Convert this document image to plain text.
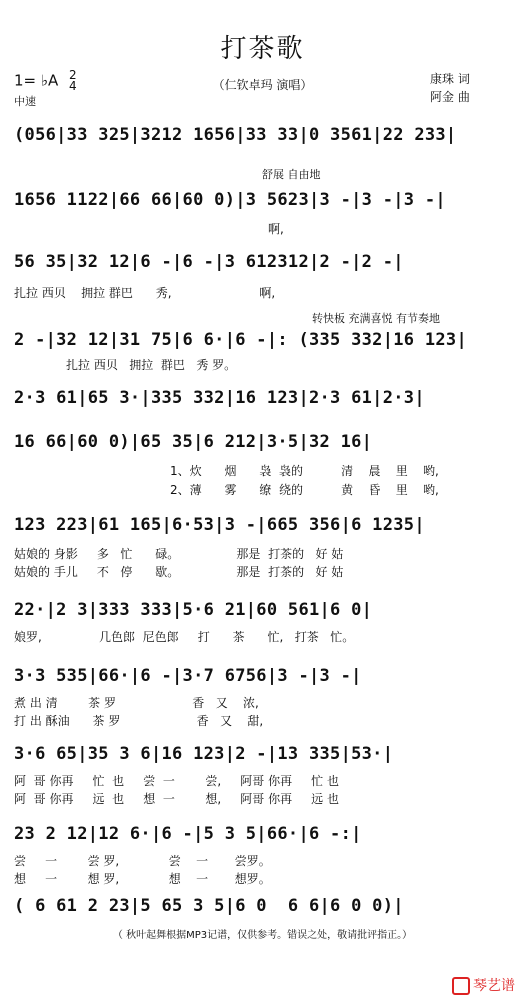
打茶歌
1= ♭A 2
4
中速
（仁钦卓玛 演唱）	康珠 词
阿金 曲
(056|33 325|3212 1656|33 33|0 3561|22 233|
舒展 自由地
1656 1122|66 66|60 0)|3 5623|3 -|3 -|3 -|
啊,
56 35|32 12|6 -|6 -|3 612312|2 -|2 -|
扎拉 西贝    拥拉 群巴      秀,                       啊,
转快板 充满喜悦 有节奏地
2 -|32 12|31 75|6 6·|6 -|: (335 332|16 123|
扎拉 西贝   拥拉  群巴   秀 罗。
2·3 61|65 3·|335 332|16 123|2·3 61|2·3|
16 66|60 0)|65 35|6 212|3·5|32 16|
1、炊      烟      袅  袅的          清    晨    里    哟,
2、薄      雾      缭  绕的          黄    昏    里    哟,
123 223|61 165|6·53|3 -|665 356|6 1235|
姑娘的 身影     多   忙      碌。               那是  打茶的   好 姑
姑娘的 手儿     不   停      歇。               那是  打茶的   好 姑
22·|2 3|333 333|5·6 21|60 561|6 0|
娘罗,               几色郎  尼色郎     打      茶      忙,   打茶   忙。
3·3 535|66·|6 -|3·7 6756|3 -|3 -|
煮 出 清        茶 罗                    香   又    浓,
打 出 酥油      茶 罗                    香   又    甜,
3·6 65|35 3 6|16 123|2 -|13 335|53·|
阿  哥 你再     忙  也     尝  一        尝,     阿哥 你再     忙 也
阿  哥 你再     远  也     想  一        想,     阿哥 你再     远 也
23 2 12|12 6·|6 -|5 3 5|66·|6 -:|
尝     一        尝 罗,             尝    一       尝罗。
想     一        想 罗,             想    一       想罗。
( 6 61 2 23|5 65 3 5|6 0  6 6|6 0 0)|
（ 秋叶起舞根据MP3记谱，仅供参考。错误之处，敬请批评指正。）
琴艺谱
